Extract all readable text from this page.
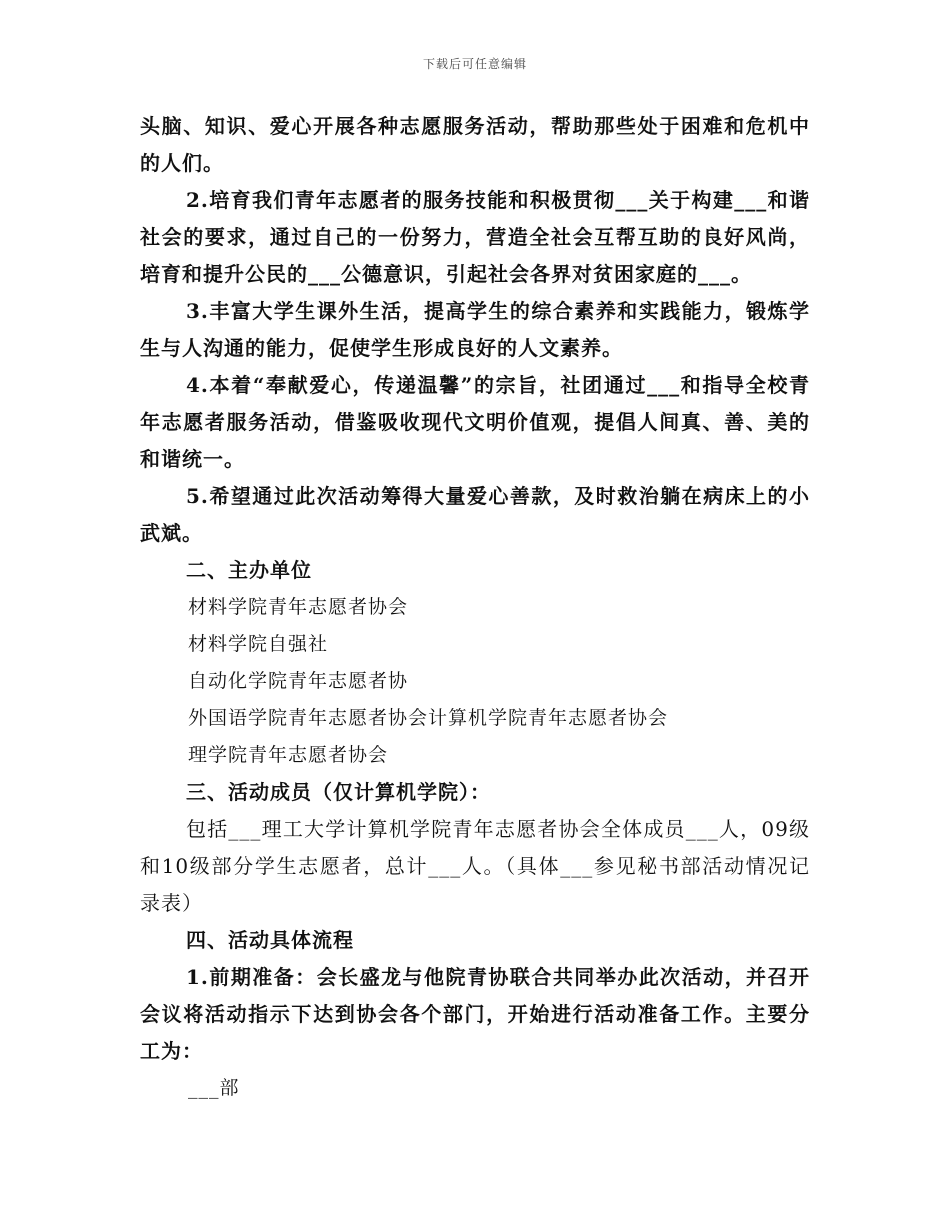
下载后可任意编辑

头脑、知识、爱心开展各种志愿服务活动，帮助那些处于困难和危机中的人们。

2.培育我们青年志愿者的服务技能和积极贯彻___关于构建___和谐社会的要求，通过自己的一份努力，营造全社会互帮互助的良好风尚，培育和提升公民的___公德意识，引起社会各界对贫困家庭的___。

3.丰富大学生课外生活，提高学生的综合素养和实践能力，锻炼学生与人沟通的能力，促使学生形成良好的人文素养。

4.本着“奉献爱心，传递温馨”的宗旨，社团通过___和指导全校青年志愿者服务活动，借鉴吸收现代文明价值观，提倡人间真、善、美的和谐统一。

5.希望通过此次活动筹得大量爱心善款，及时救治躺在病床上的小武斌。

二、主办单位

材料学院青年志愿者协会

材料学院自强社

自动化学院青年志愿者协

外国语学院青年志愿者协会计算机学院青年志愿者协会

理学院青年志愿者协会

三、活动成员（仅计算机学院）：

包括___理工大学计算机学院青年志愿者协会全体成员___人，09级和10级部分学生志愿者，总计___人。（具体___参见秘书部活动情况记录表）

四、活动具体流程

1.前期准备：会长盛龙与他院青协联合共同举办此次活动，并召开会议将活动指示下达到协会各个部门，开始进行活动准备工作。主要分工为：

___部
